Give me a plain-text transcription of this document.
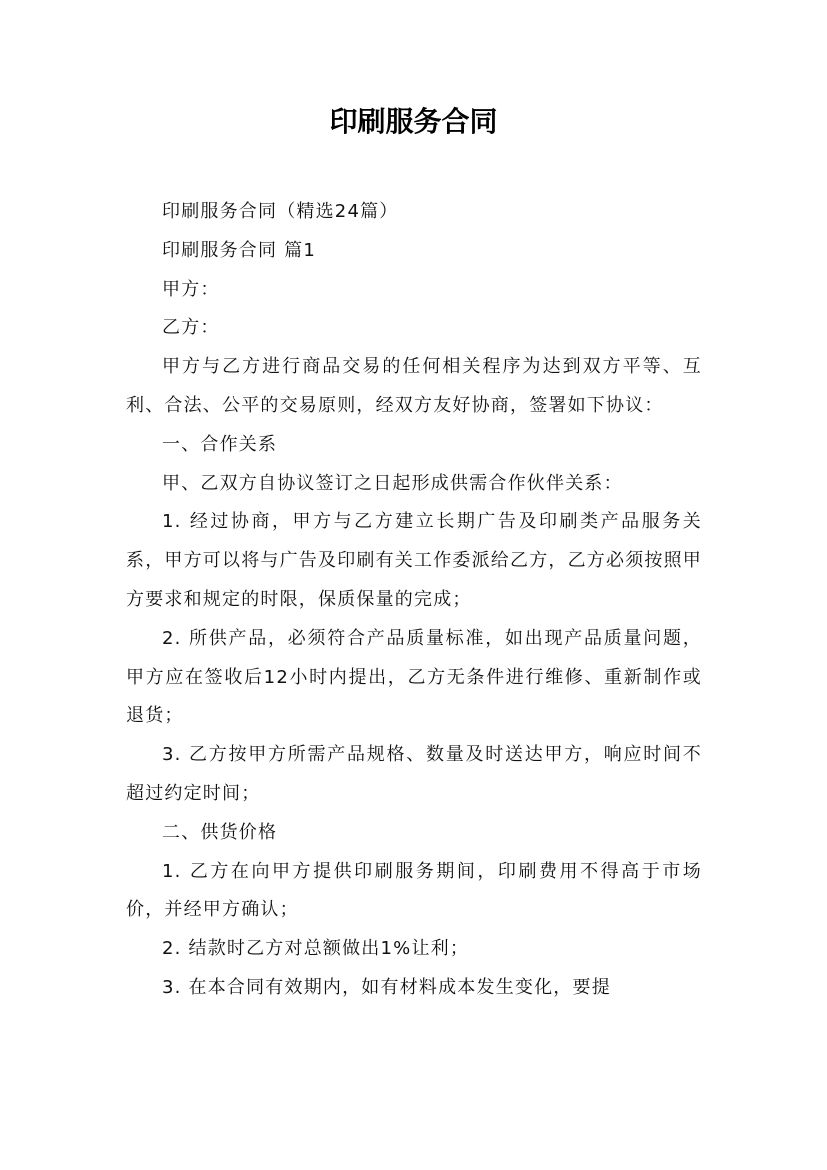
印刷服务合同

印刷服务合同（精选24篇）

印刷服务合同 篇1

甲方：

乙方：

甲方与乙方进行商品交易的任何相关程序为达到双方平等、互利、合法、公平的交易原则，经双方友好协商，签署如下协议：

一、合作关系

甲、乙双方自协议签订之日起形成供需合作伙伴关系：

1. 经过协商，甲方与乙方建立长期广告及印刷类产品服务关系，甲方可以将与广告及印刷有关工作委派给乙方，乙方必须按照甲方要求和规定的时限，保质保量的完成；

2. 所供产品，必须符合产品质量标准，如出现产品质量问题，甲方应在签收后12小时内提出，乙方无条件进行维修、重新制作或退货；

3. 乙方按甲方所需产品规格、数量及时送达甲方，响应时间不超过约定时间；

二、供货价格

1. 乙方在向甲方提供印刷服务期间，印刷费用不得高于市场价，并经甲方确认；

2. 结款时乙方对总额做出1%让利；

3. 在本合同有效期内，如有材料成本发生变化，要提
